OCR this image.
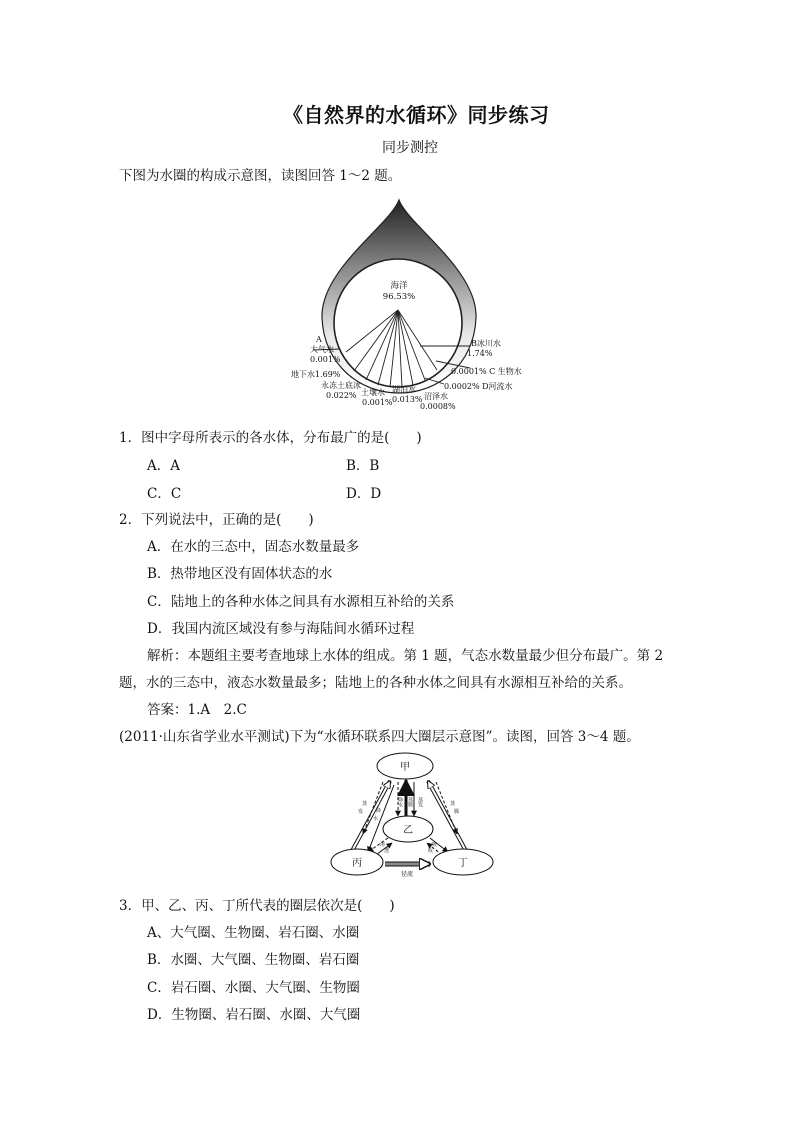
《自然界的水循环》同步练习
同步测控
下图为水圈的构成示意图，读图回答 1～2 题。
海洋
96.53%
A
大气水
0.001%
地下水1.69%
永冻土底冰
0.022% 土壤水
0.001%
湖泊水
0.013% 沼泽水
0.0008%
B冰川水
1.74%
0.0001% C 生物水
0.0002% D河流水
1．图中字母所表示的各水体，分布最广的是(　　)
A．A	B．B
C．C	D．D
2．下列说法中，正确的是(　　)
A．在水的三态中，固态水数量最多
B．热带地区没有固体状态的水
C．陆地上的各种水体之间具有水源相互补给的关系
D．我国内流区域没有参与海陆间水循环过程
解析：本题组主要考查地球上水体的组成。第 1 题，气态水数量最少但分布最广。第 2
题，水的三态中，液态水数量最多；陆地上的各种水体之间具有水源相互补给的关系。
答案：1.A　2.C
(2011·山东省学业水平测试)下为“水循环联系四大圈层示意图”。读图，回答 3～4 题。
甲
乙
丙	丁
径流
蒸
发	降
水
蒸
腾
降水 蒸腾 蒸发
渗
透
吸
收
3．甲、乙、丙、丁所代表的圈层依次是(　　)
A、大气圈、生物圈、岩石圈、水圈
B．水圈、大气圈、生物圈、岩石圈
C．岩石圈、水圈、大气圈、生物圈
D．生物圈、岩石圈、水圈、大气圈
